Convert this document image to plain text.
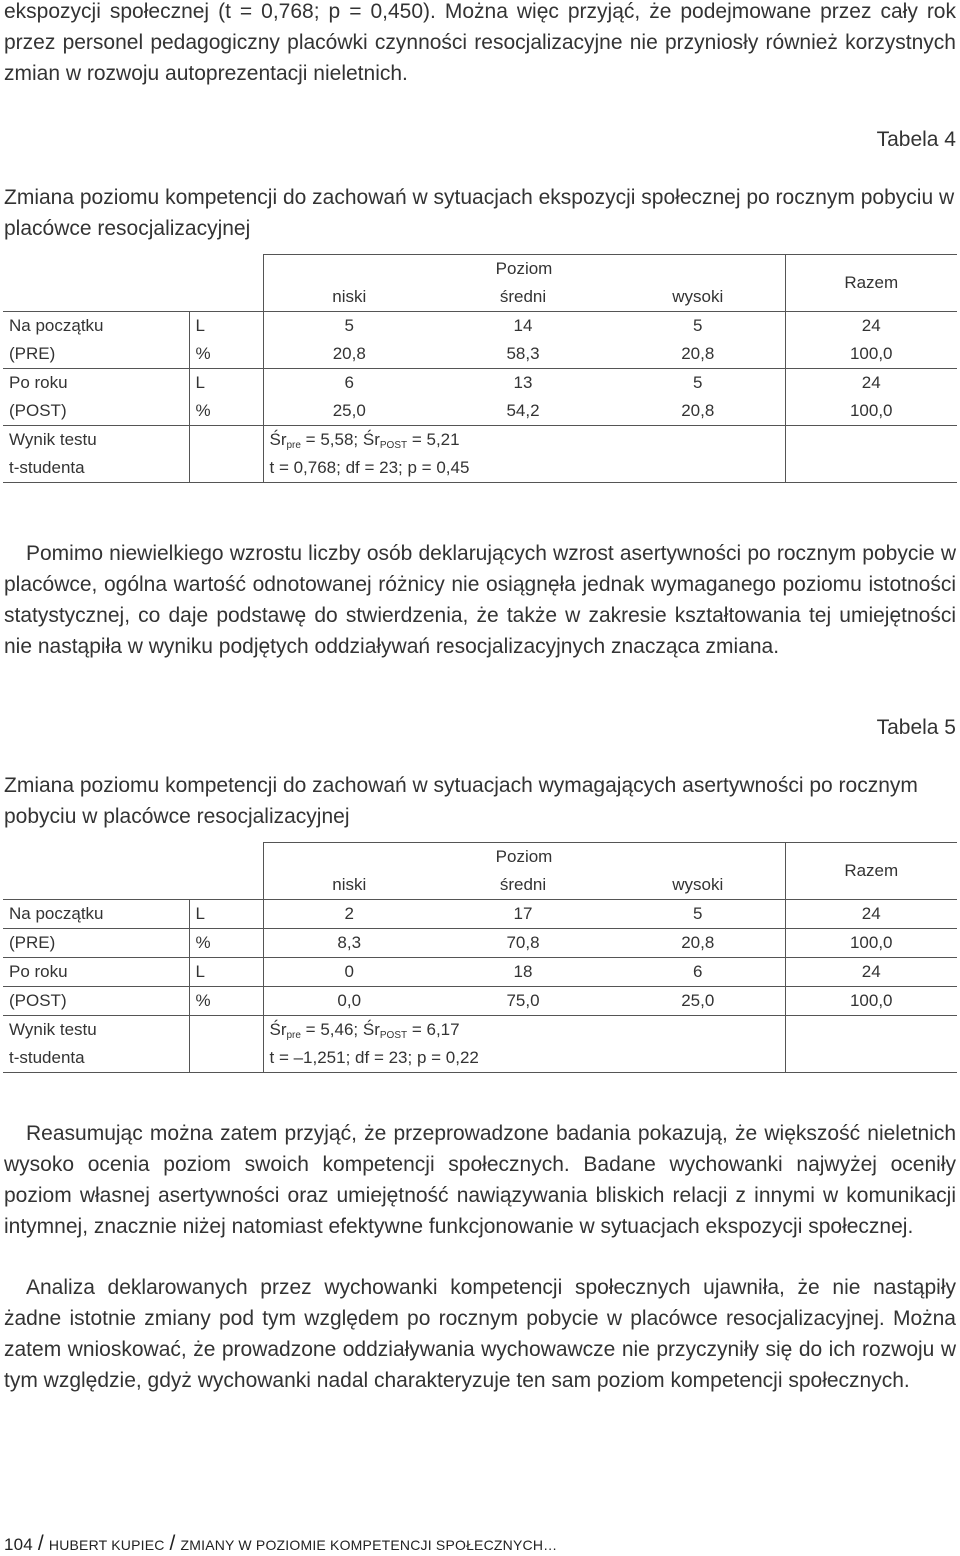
ekspozycji społecznej (t = 0,768; p = 0,450). Można więc przyjąć, że podejmowane przez cały rok przez personel pedagogiczny placówki czynności resocjalizacyjne nie przyniosły również korzystnych zmian w rozwoju autoprezentacji nieletnich.

Tabela 4

Zmiana poziomu kompetencji do zachowań w sytuacjach ekspozycji społecznej po rocznym pobyciu w placówce resocjalizacyjnej

		Poziom			Razem
		niski	średni	wysoki	
Na początku	L	5	14	5	24
(PRE)	%	20,8	58,3	20,8	100,0
Po roku	L	6	13	5	24
(POST)	%	25,0	54,2	20,8	100,0
Wynik testu		$Śr_{pre} = 5,58$; $Śr_{POST} = 5,21$			
t-studenta		t = 0,768; df = 23; p = 0,45			

Pomimo niewielkiego wzrostu liczby osób deklarujących wzrost asertywności po rocznym pobycie w placówce, ogólna wartość odnotowanej różnicy nie osiągnęła jednak wymaganego poziomu istotności statystycznej, co daje podstawę do stwierdzenia, że także w zakresie kształtowania tej umiejętności nie nastąpiła w wyniku podjętych oddziaływań resocjalizacyjnych znacząca zmiana.

Tabela 5

Zmiana poziomu kompetencji do zachowań w sytuacjach wymagających asertywności po rocznym pobyciu w placówce resocjalizacyjnej

		Poziom			Razem
		niski	średni	wysoki	
Na początku	L	2	17	5	24
(PRE)	%	8,3	70,8	20,8	100,0
Po roku	L	0	18	6	24
(POST)	%	0,0	75,0	25,0	100,0
Wynik testu		$Śr_{pre} = 5,46$; $Śr_{POST} = 6,17$			
t-studenta		t = –1,251; df = 23; p = 0,22			

Reasumując można zatem przyjąć, że przeprowadzone badania pokazują, że większość nieletnich wysoko ocenia poziom swoich kompetencji społecznych. Badane wychowanki najwyżej oceniły poziom własnej asertywności oraz umiejętność nawiązywania bliskich relacji z innymi w komunikacji intymnej, znacznie niżej natomiast efektywne funkcjonowanie w sytuacjach ekspozycji społecznej.

Analiza deklarowanych przez wychowanki kompetencji społecznych ujawniła, że nie nastąpiły żadne istotnie zmiany pod tym względem po rocznym pobycie w placówce resocjalizacyjnej. Można zatem wnioskować, że prowadzone oddziaływania wychowawcze nie przyczyniły się do ich rozwoju w tym względzie, gdyż wychowanki nadal charakteryzuje ten sam poziom kompetencji społecznych.

104 / HUBERT KUPIEC / ZMIANY W POZIOMIE KOMPETENCJI SPOŁECZNYCH…
